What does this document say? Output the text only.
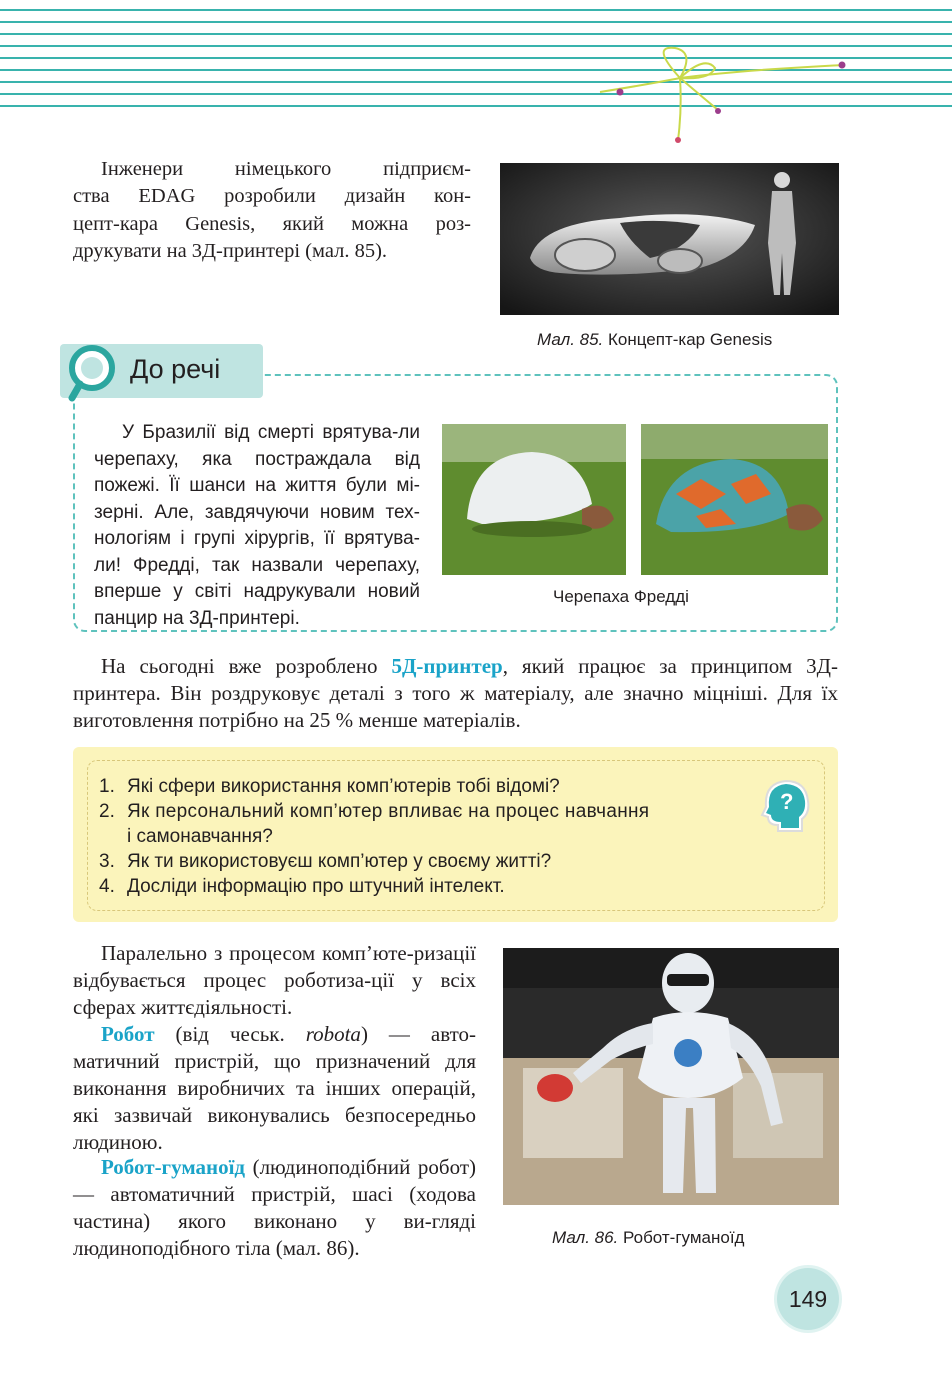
Інженери німецького підприєм-
ства EDAG розробили дизайн кон-
цепт-кара Genesis, який можна роз-
друкувати на 3Д-принтері (мал. 85).
Мал. 85. Концепт-кар Genesis
До речі
У Бразилії від смерті врятува-ли черепаху, яка постраждала від пожежі. Її шанси на життя були мі-зерні. Але, завдячуючи новим тех-нологіям і групі хірургів, її врятува-ли! Фредді, так назвали черепаху, вперше у світі надрукували новий панцир на 3Д-принтері.
Черепаха Фредді
На сьогодні вже розроблено 5Д-принтер, який працює за принципом 3Д-принтера. Він роздруковує деталі з того ж матеріалу, але значно міцніші. Для їх виготовлення потрібно на 25 % менше матеріалів.
1. Які сфери використання комп’ютерів тобі відомі?
2. Як персональний комп’ютер впливає на процес навчання
і самонавчання?
3. Як ти використовуєш комп’ютер у своєму житті?
4. Досліди інформацію про штучний інтелект.
?
Паралельно з процесом комп’юте-ризації відбувається процес роботиза-ції у всіх сферах життєдіяльності.
Робот (від чеськ. robota) — авто-матичний пристрій, що призначений для виконання виробничих та інших операцій, які зазвичай виконувались безпосередньо людиною.
Робот-гуманоїд (людиноподібний робот) — автоматичний пристрій, шасі (ходова частина) якого виконано у ви-гляді людиноподібного тіла (мал. 86).	Мал. 86. Робот-гуманоїд
149
